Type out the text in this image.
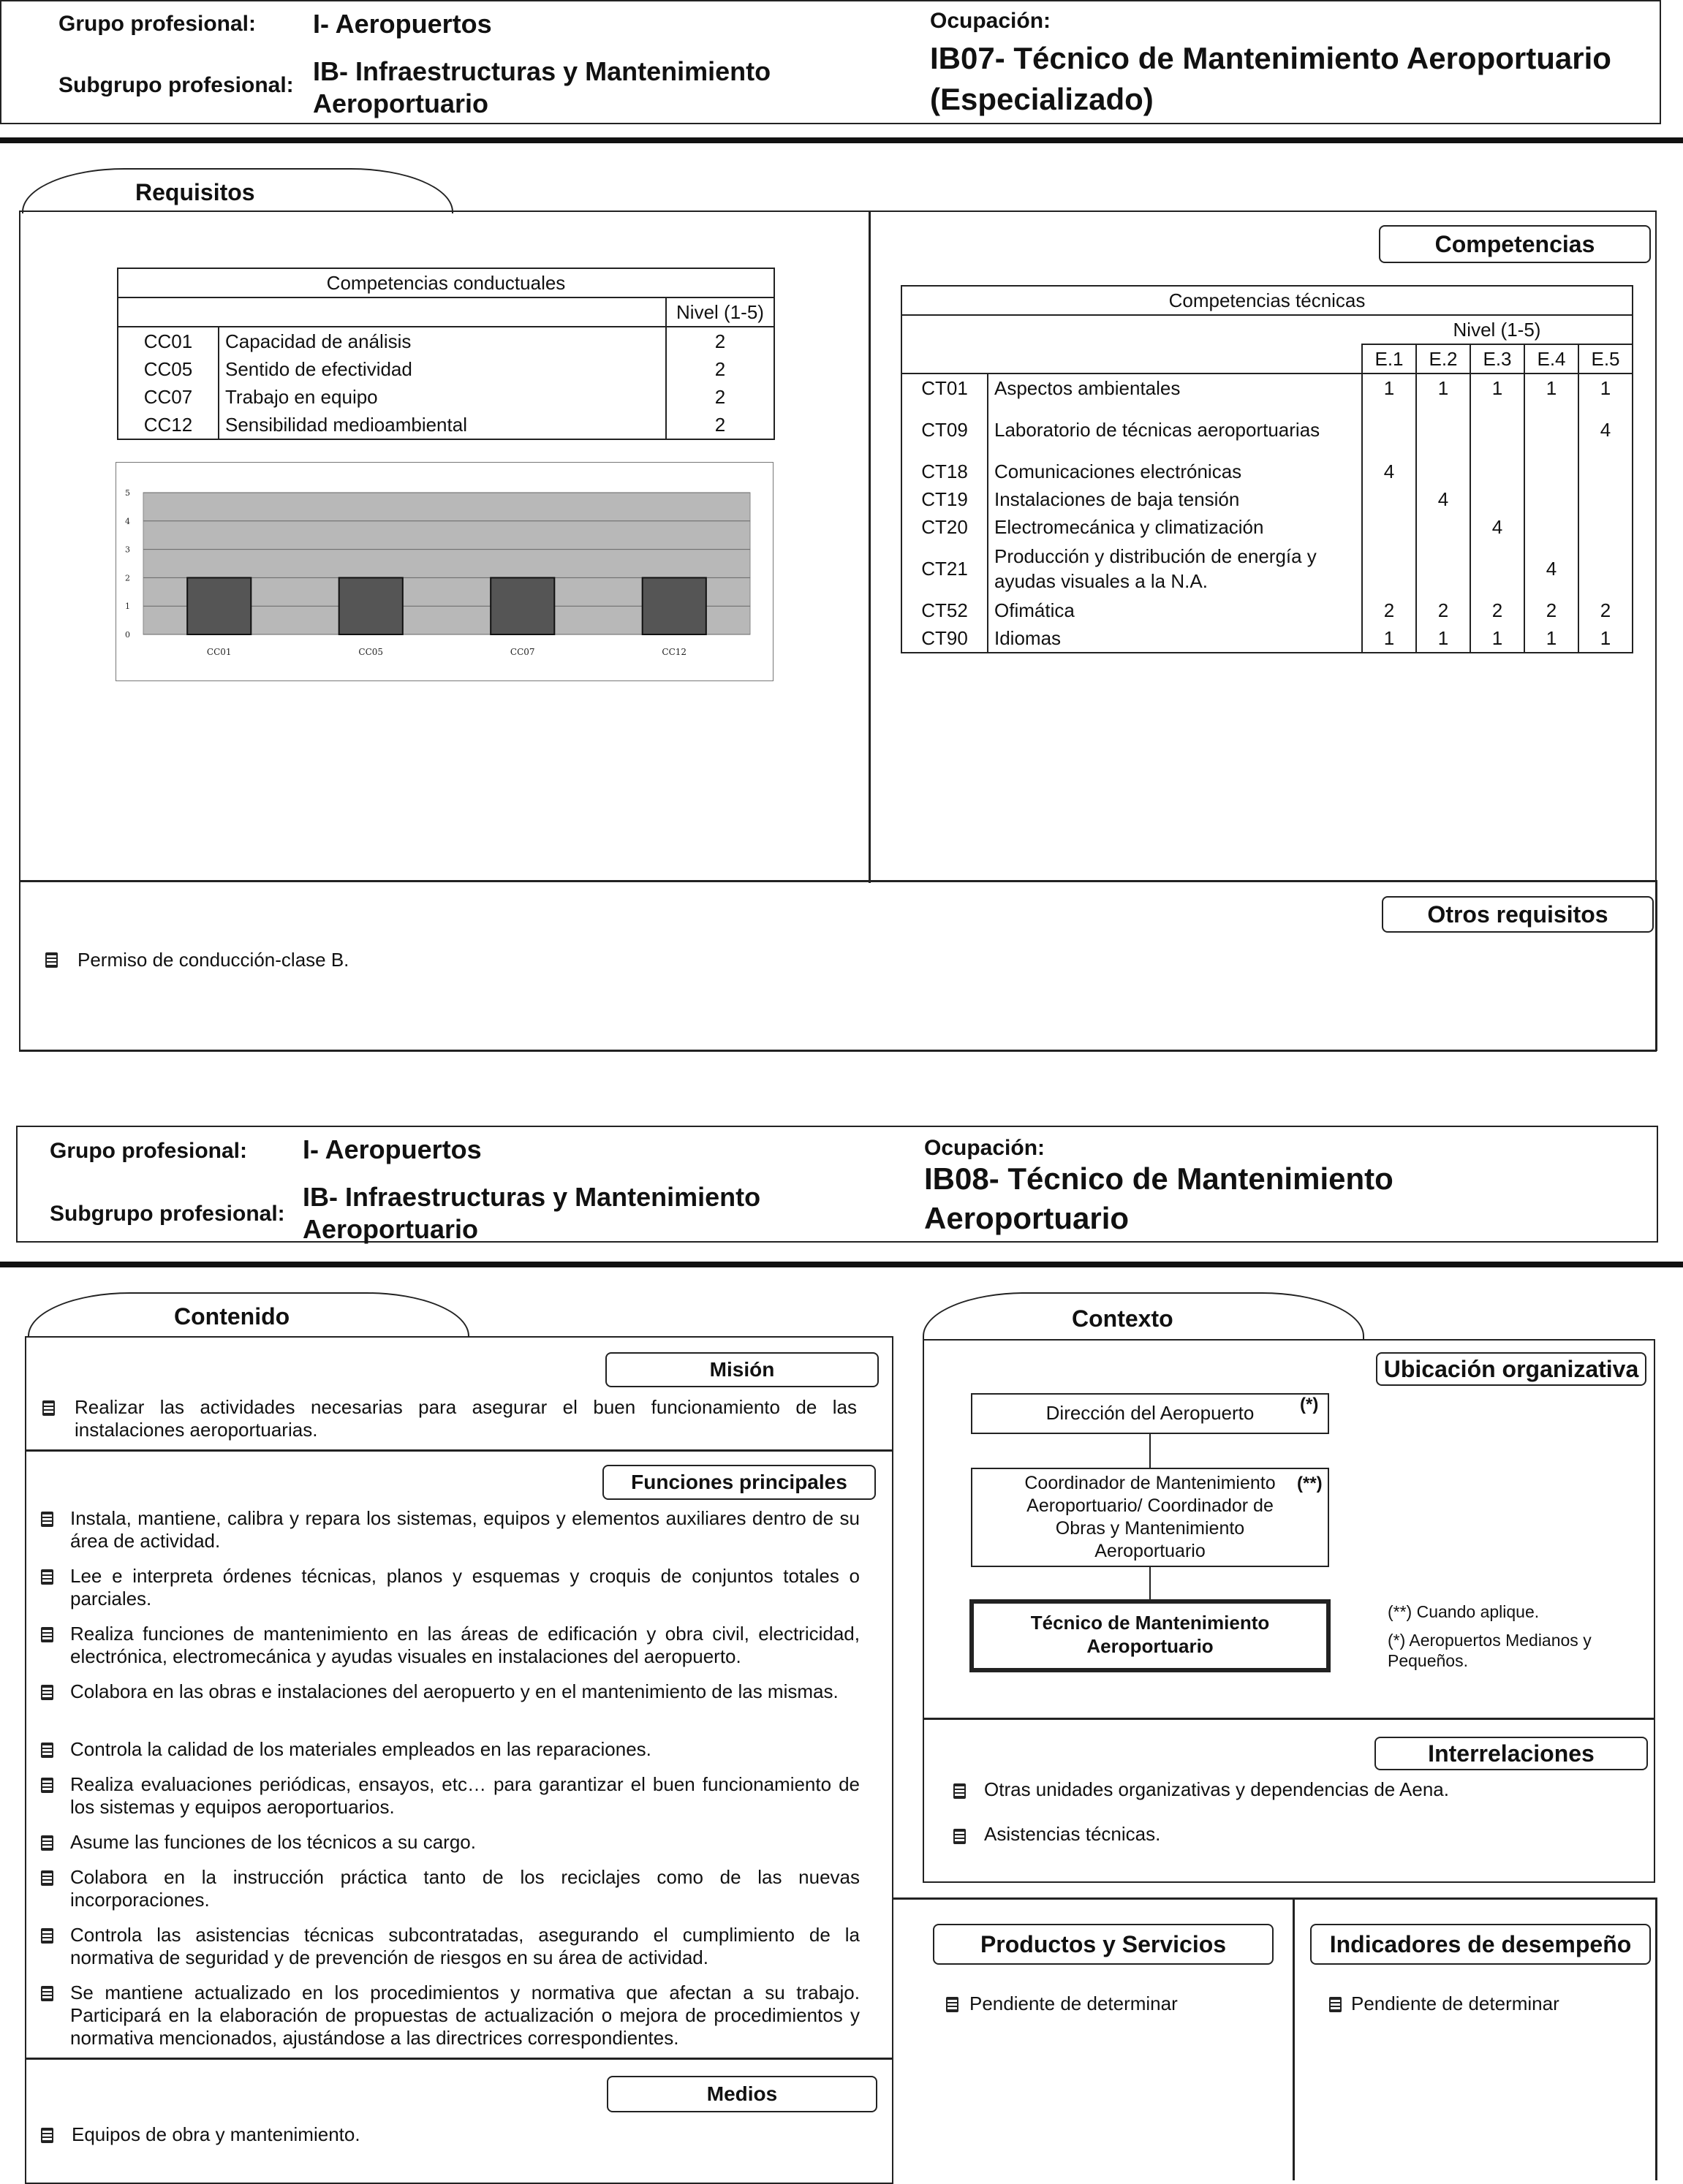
Grupo profesional: I- Aeropuertos
Subgrupo profesional: IB- Infraestructuras y Mantenimiento Aeroportuario
Ocupación:
IB07- Técnico de Mantenimiento Aeroportuario (Especializado)
Requisitos
Competencias conductuales		
		Nivel (1-5)
CC01	Capacidad de análisis	2
CC05	Sentido de efectividad	2
CC07	Trabajo en equipo	2
CC12	Sensibilidad medioambiental	2
0
1
2
3
4
5
CC01	CC05	CC07	CC12
Competencias
Competencias técnicas						
		Nivel (1-5)				
		E.1	E.2	E.3	E.4	E.5
CT01	Aspectos ambientales	1	1	1	1	1
CT09	Laboratorio de técnicas aeroportuarias					4
CT18	Comunicaciones electrónicas	4				
CT19	Instalaciones de baja tensión		4			
CT20	Electromecánica y climatización			4		
CT21	Producción y distribución de energía y ayudas visuales a la N.A.				4	
CT52	Ofimática	2	2	2	2	2
CT90	Idiomas	1	1	1	1	1
Otros requisitos
Permiso de conducción-clase B.
Grupo profesional: I- Aeropuertos
Subgrupo profesional:
IB- Infraestructuras y Mantenimiento Aeroportuario
Ocupación:
IB08- Técnico de Mantenimiento Aeroportuario
Contenido
Misión
Realizar las actividades necesarias para asegurar el buen funcionamiento de las instalaciones aeroportuarias.
Funciones principales
Instala, mantiene, calibra y repara los sistemas, equipos y elementos auxiliares dentro de su área de actividad.
Lee e interpreta órdenes técnicas, planos y esquemas y croquis de conjuntos totales o parciales.
Realiza funciones de mantenimiento en las áreas de edificación y obra civil, electricidad, electrónica, electromecánica y ayudas visuales en instalaciones del aeropuerto.
Colabora en las obras e instalaciones del aeropuerto y en el mantenimiento de las mismas.
Controla la calidad de los materiales empleados en las reparaciones.
Realiza evaluaciones periódicas, ensayos, etc… para garantizar el buen funcionamiento de los sistemas y equipos aeroportuarios.
Asume las funciones de los técnicos a su cargo.
Colabora en la instrucción práctica tanto de los reciclajes como de las nuevas incorporaciones.
Controla las asistencias técnicas subcontratadas, asegurando el cumplimiento de la normativa de seguridad y de prevención de riesgos en su área de actividad.
Se mantiene actualizado en los procedimientos y normativa que afectan a su trabajo. Participará en la elaboración de propuestas de actualización o mejora de procedimientos y normativa mencionados, ajustándose a las directrices correspondientes.
Medios
Equipos de obra y mantenimiento.
Contexto
Ubicación organizativa
Dirección del Aeropuerto	(*)
Coordinador de Mantenimiento Aeroportuario/ Coordinador de Obras y Mantenimiento Aeroportuario
(**)
Técnico de Mantenimiento Aeroportuario
(**) Cuando aplique.
(*) Aeropuertos Medianos y Pequeños.
Interrelaciones
Otras unidades organizativas y dependencias de Aena.
Asistencias técnicas.
Productos y Servicios
Pendiente de determinar
Indicadores de desempeño
Pendiente de determinar
